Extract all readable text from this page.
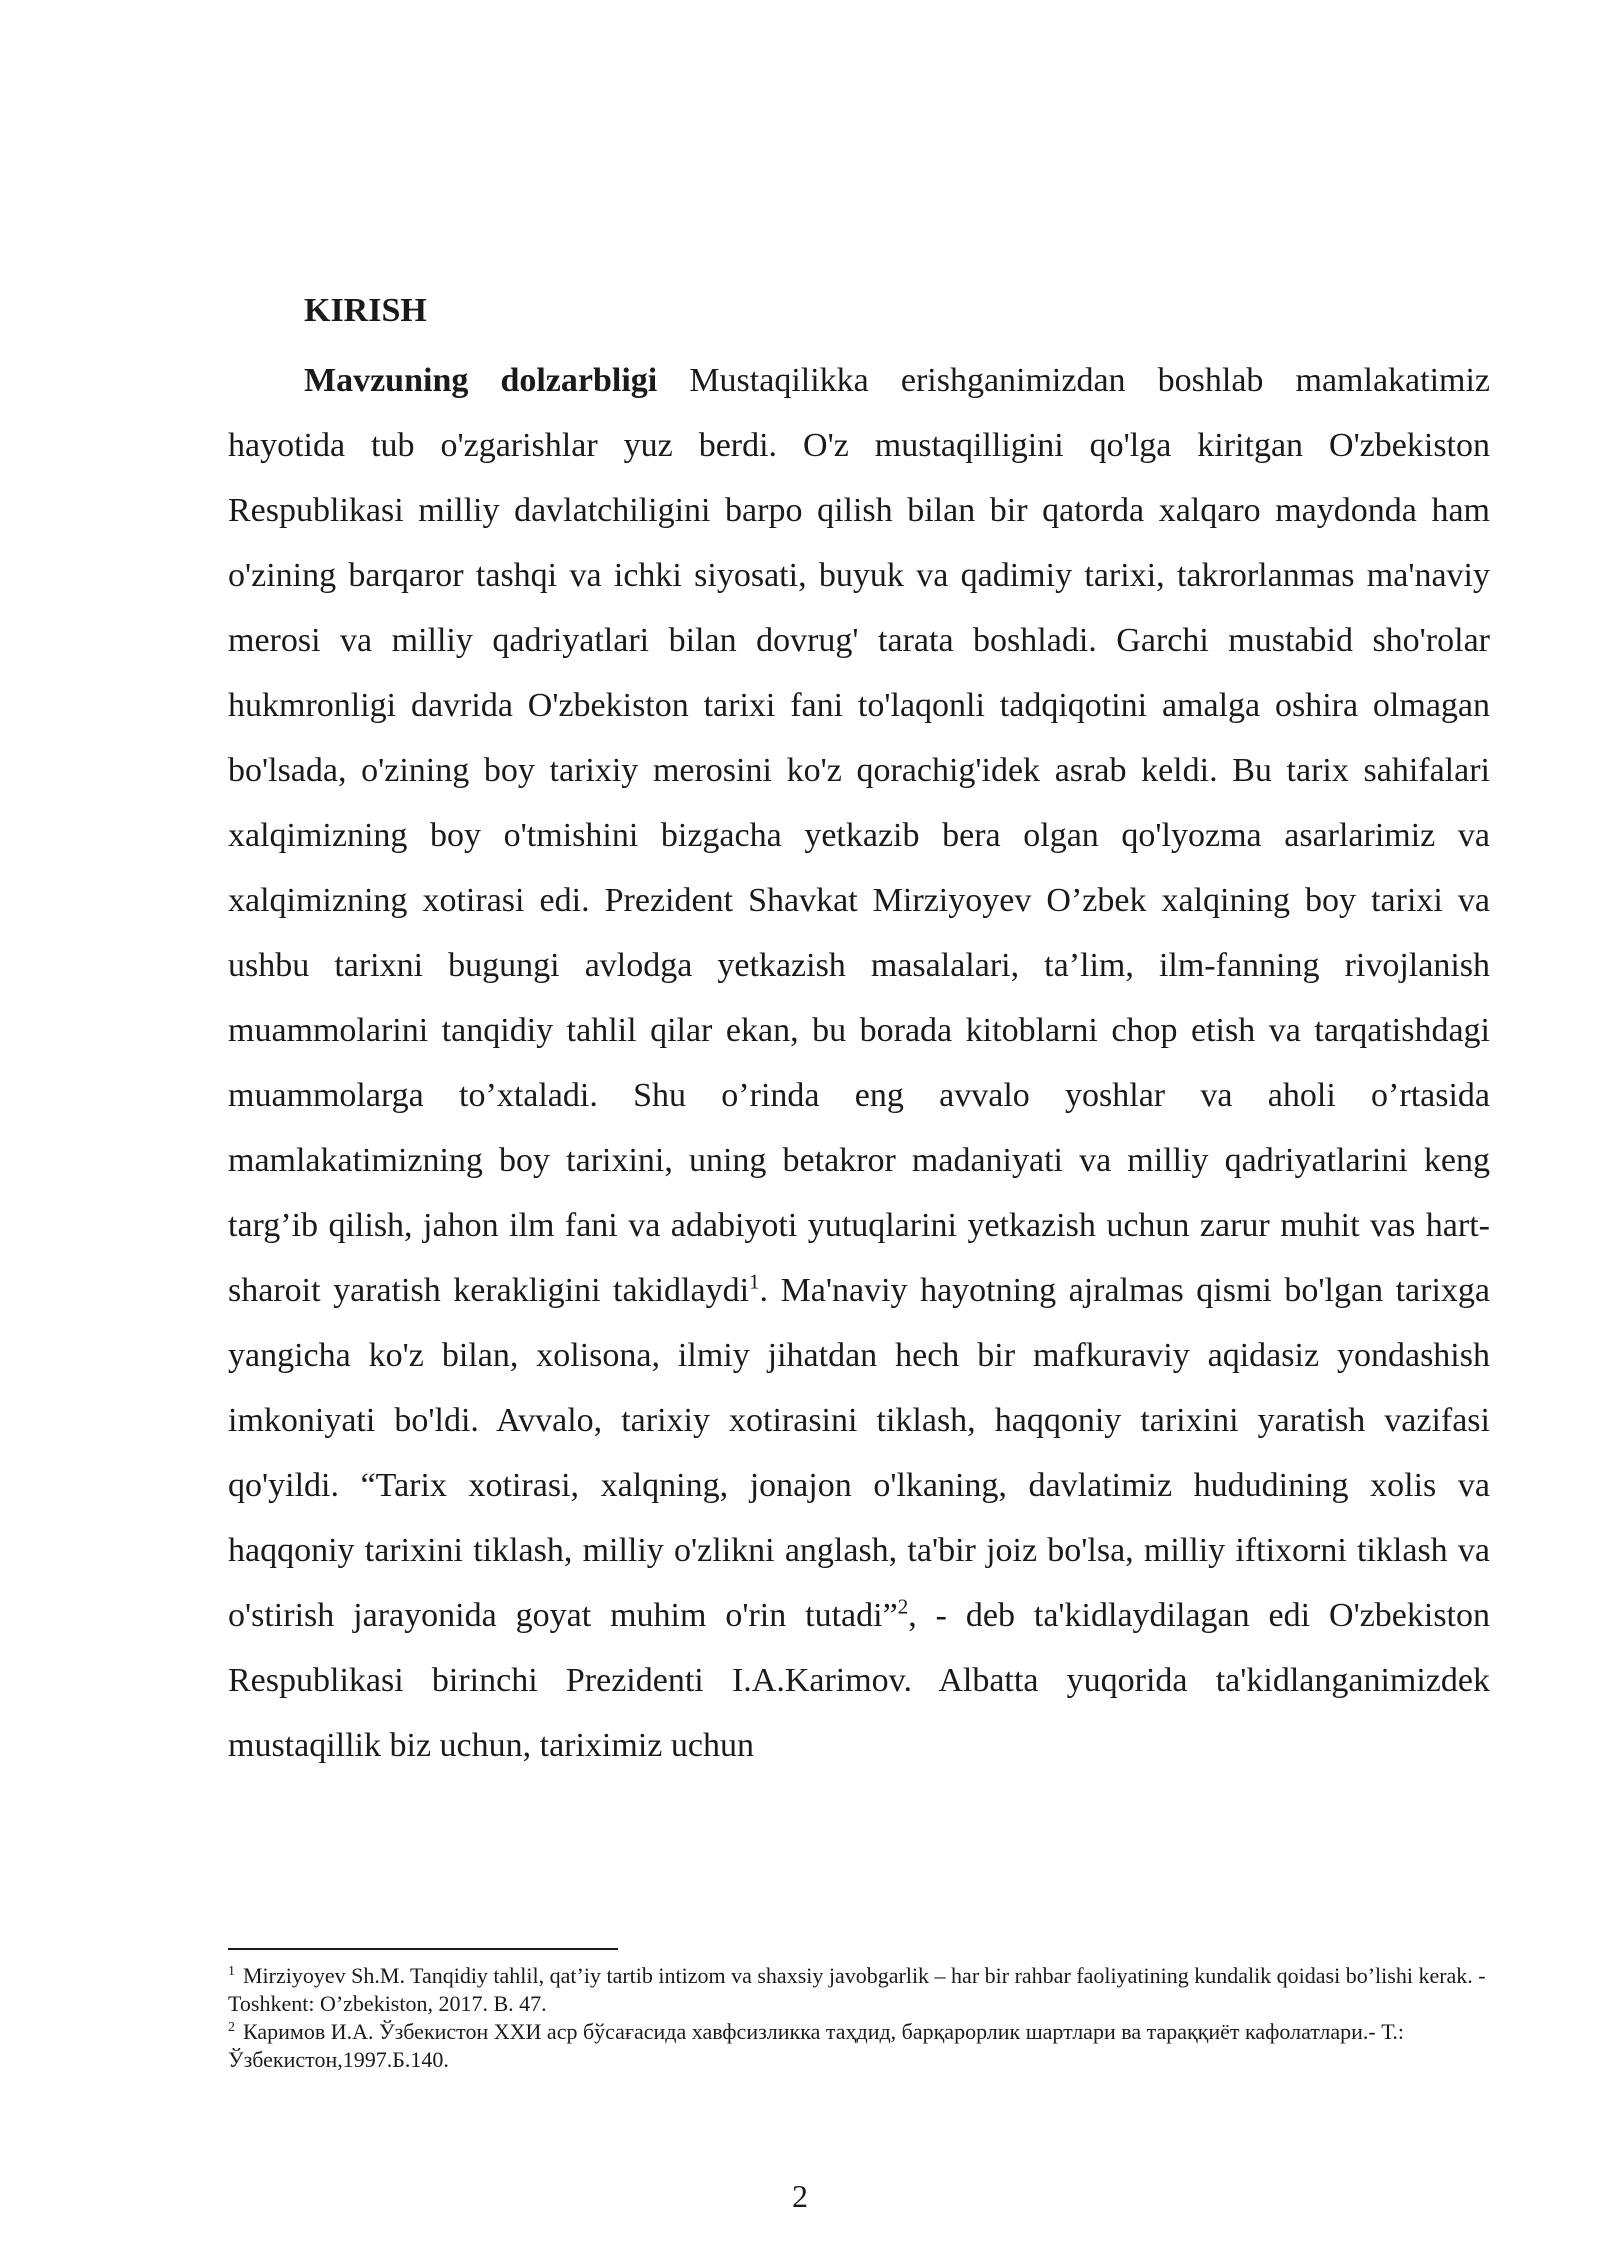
KIRISH

Mavzuning dolzarbligi Mustaqilikka erishganimizdan boshlab mamlakatimiz hayotida tub o'zgarishlar yuz berdi. O'z mustaqilligini qo'lga kiritgan O'zbekiston Respublikasi milliy davlatchiligini barpo qilish bilan bir qatorda xalqaro maydonda ham o'zining barqaror tashqi va ichki siyosati, buyuk va qadimiy tarixi, takrorlanmas ma'naviy merosi va milliy qadriyatlari bilan dovrug' tarata boshladi. Garchi mustabid sho'rolar hukmronligi davrida O'zbekiston tarixi fani to'laqonli tadqiqotini amalga oshira olmagan bo'lsada, o'zining boy tarixiy merosini ko'z qorachig'idek asrab keldi. Bu tarix sahifalari xalqimizning boy o'tmishini bizgacha yetkazib bera olgan qo'lyozma asarlarimiz va xalqimizning xotirasi edi. Prezident Shavkat Mirziyoyev O’zbek xalqining boy tarixi va ushbu tarixni bugungi avlodga yetkazish masalalari, ta’lim, ilm-fanning rivojlanish muammolarini tanqidiy tahlil qilar ekan, bu borada kitoblarni chop etish va tarqatishdagi muammolarga to’xtaladi. Shu o’rinda eng avvalo yoshlar va aholi o’rtasida mamlakatimizning boy tarixini, uning betakror madaniyati va milliy qadriyatlarini keng targ’ib qilish, jahon ilm fani va adabiyoti yutuqlarini yetkazish uchun zarur muhit vas hart-sharoit yaratish kerakligini takidlaydi$^1$. Ma'naviy hayotning ajralmas qismi bo'lgan tarixga yangicha ko'z bilan, xolisona, ilmiy jihatdan hech bir mafkuraviy aqidasiz yondashish imkoniyati bo'ldi. Avvalo, tarixiy xotirasini tiklash, haqqoniy tarixini yaratish vazifasi qo'yildi. “Tarix xotirasi, xalqning, jonajon o'lkaning, davlatimiz hududining xolis va haqqoniy tarixini tiklash, milliy o'zlikni anglash, ta'bir joiz bo'lsa, milliy iftixorni tiklash va o'stirish jarayonida goyat muhim o'rin tutadi”$^2$, - deb ta'kidlaydilagan edi O'zbekiston Respublikasi birinchi Prezidenti I.A.Karimov. Albatta yuqorida ta'kidlanganimizdek mustaqillik biz uchun, tariximiz uchun

$^1$ Mirziyoyev Sh.M. Tanqidiy tahlil, qat’iy tartib intizom va shaxsiy javobgarlik – har bir rahbar faoliyatining kundalik qoidasi bo’lishi kerak. - Toshkent: O’zbekiston, 2017. B. 47.

$^2$ Каримов И.А. Ўзбекистон XXИ аср бўсағасида хавфсизликка таҳдид, барқарорлик шартлари ва тараққиёт кафолатлари.- Т.: Ўзбекистон,1997.Б.140.

2
